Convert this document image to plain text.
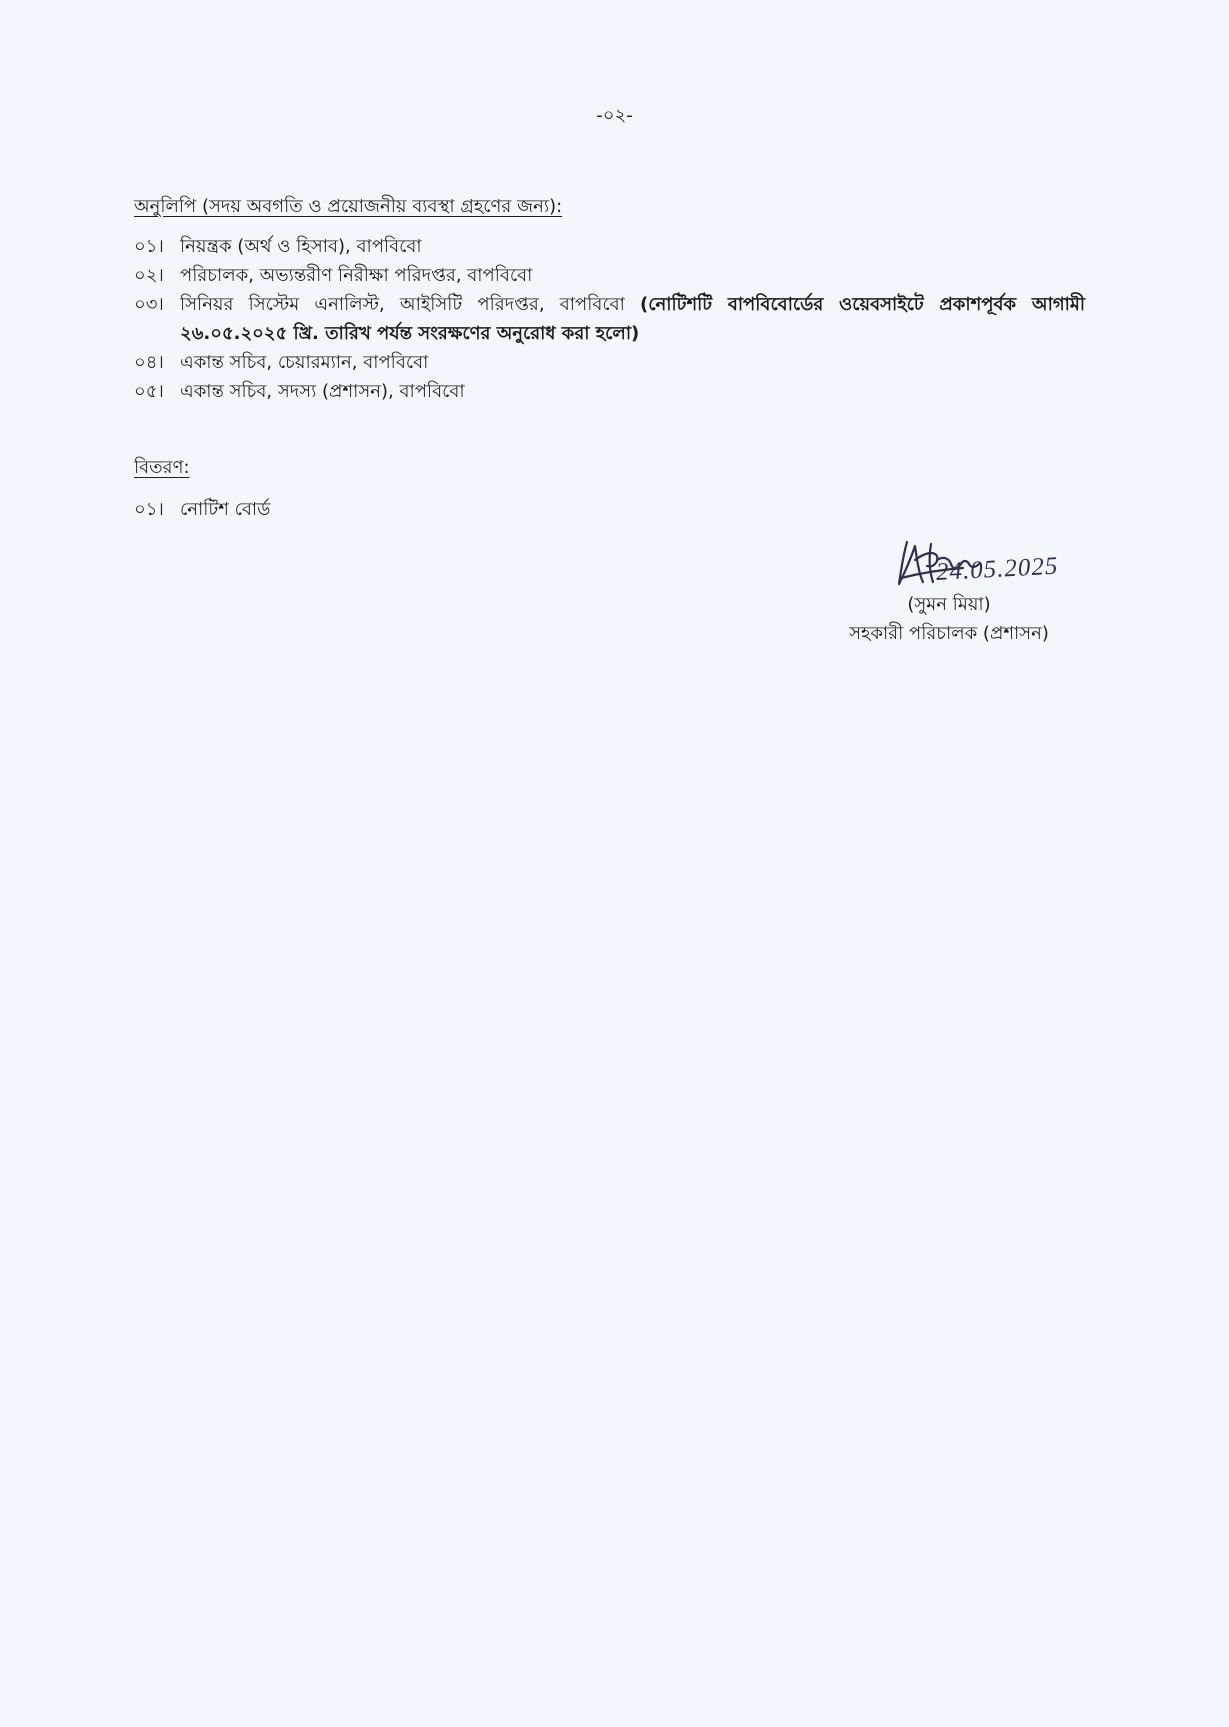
-০২-
অনুলিপি (সদয় অবগতি ও প্রয়োজনীয় ব্যবস্থা গ্রহণের জন্য):
০১। নিয়ন্ত্রক (অর্থ ও হিসাব), বাপবিবো
০২। পরিচালক, অভ্যন্তরীণ নিরীক্ষা পরিদপ্তর, বাপবিবো
০৩। সিনিয়র সিস্টেম এনালিস্ট, আইসিটি পরিদপ্তর, বাপবিবো (নোটিশটি বাপবিবোর্ডের ওয়েবসাইটে প্রকাশপূর্বক আগামী ২৬.০৫.২০২৫ খ্রি. তারিখ পর্যন্ত সংরক্ষণের অনুরোধ করা হলো)
০৪। একান্ত সচিব, চেয়ারম্যান, বাপবিবো
০৫। একান্ত সচিব, সদস্য (প্রশাসন), বাপবিবো
বিতরণ:
০১। নোটিশ বোর্ড
24.05.2025
(সুমন মিয়া)
সহকারী পরিচালক (প্রশাসন)
